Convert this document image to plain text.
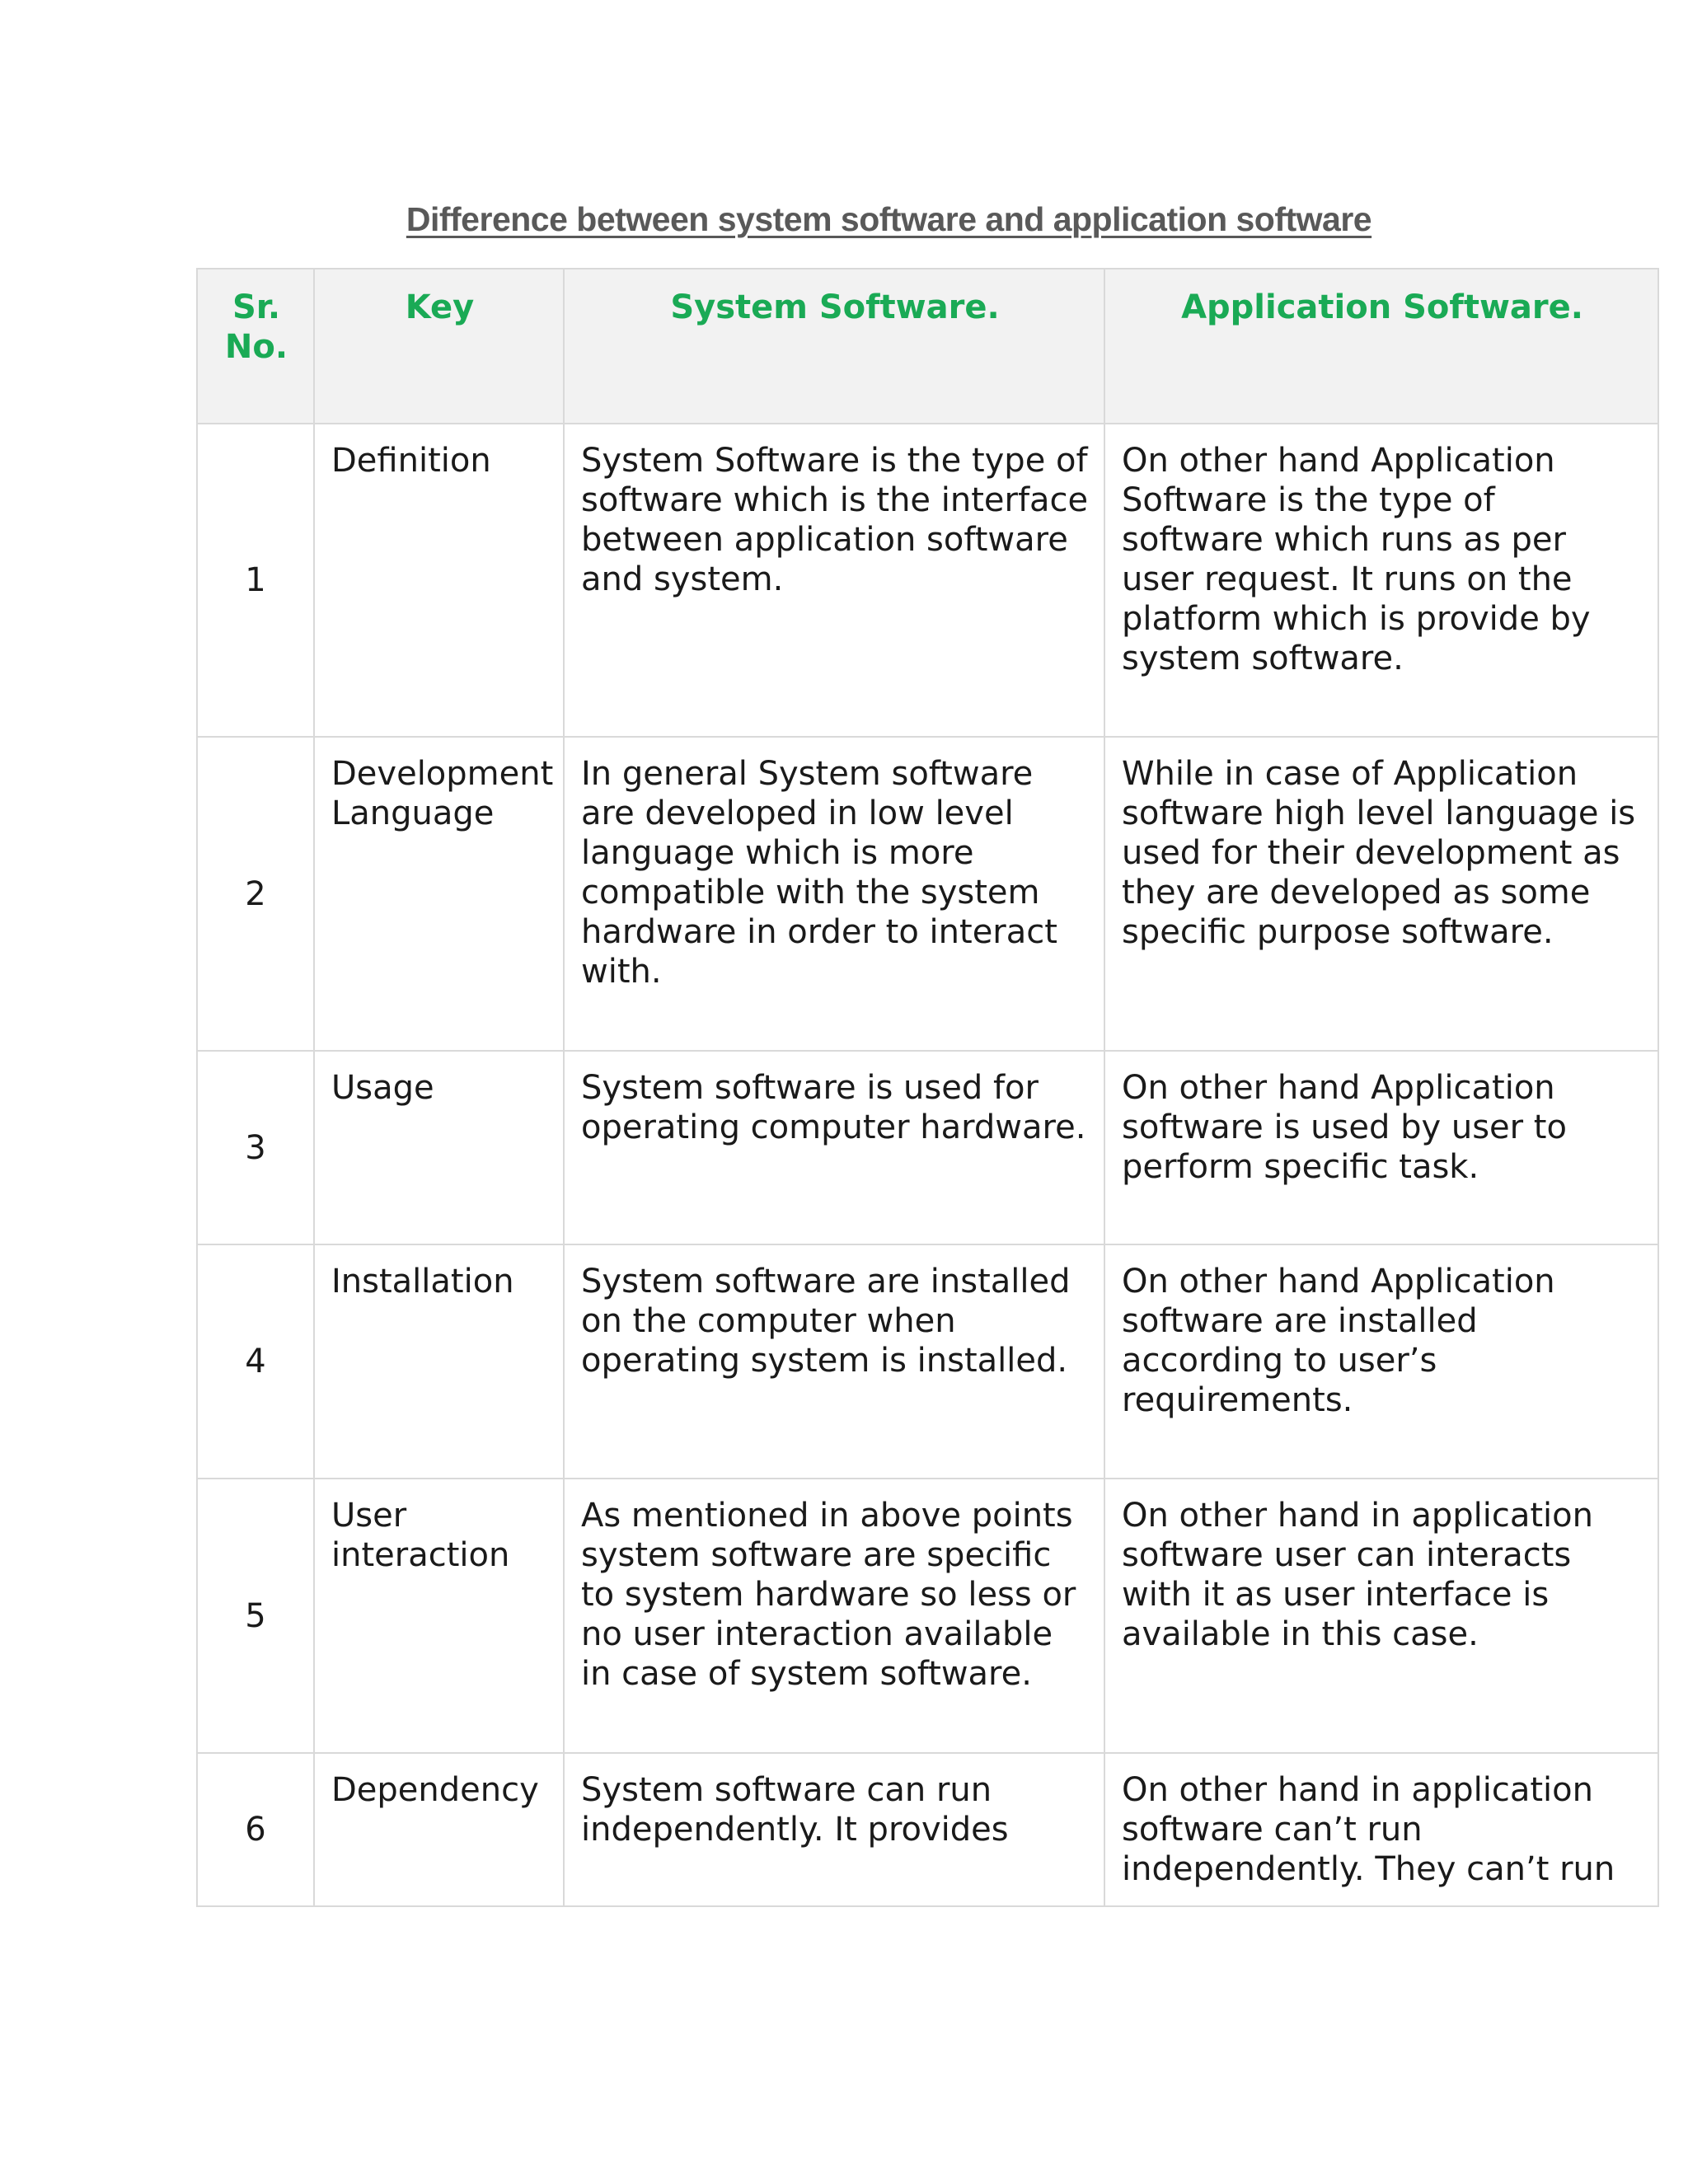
Difference between system software and application software
Sr. No.	Key	System Software.	Application Software.
1	Definition	System Software is the type of software which is the interface between application software and system.	On other hand Application Software is the type of software which runs as per user request. It runs on the platform which is provide by system software.
2	Development Language	In general System software are developed in low level language which is more compatible with the system hardware in order to interact with.	While in case of Application software high level language is used for their development as they are developed as some specific purpose software.
3	Usage	System software is used for operating computer hardware.	On other hand Application software is used by user to perform specific task.
4	Installation	System software are installed on the computer when operating system is installed.	On other hand Application software are installed according to user’s requirements.
5	User interaction	As mentioned in above points system software are specific to system hardware so less or no user interaction available in case of system software.	On other hand in application software user can interacts with it as user interface is available in this case.
6	Dependency	System software can run independently. It provides	On other hand in application software can’t run independently. They can’t run
